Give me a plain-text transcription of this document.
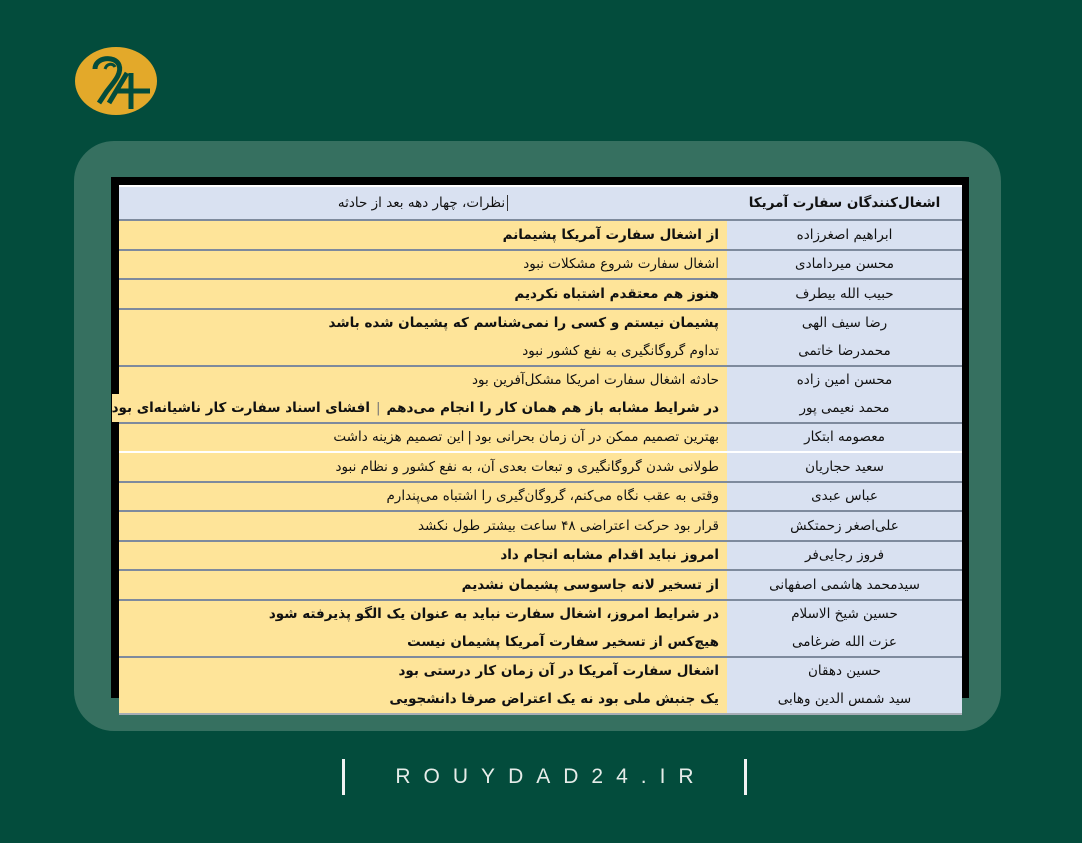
اشغال‌کنندگان سفارت آمریکا
نظرات، چهار دهه بعد از حادثه
ابراهیم اصغرزاده
از اشغال سفارت آمریکا پشیمانم
محسن میردامادی
اشغال سفارت شروع مشکلات نبود
حبیب الله بیطرف
هنوز هم معتقدم اشتباه نکردیم
رضا سیف الهی
پشیمان نیستم و کسی را نمی‌شناسم که پشیمان شده باشد
محمدرضا خاتمی
تداوم گروگانگیری به نفع کشور نبود
محسن امین زاده
حادثه اشغال سفارت امریکا مشکل‌آفرین بود
محمد نعیمی پور
در شرایط مشابه باز هم همان کار را انجام می‌دهم
|
افشای اسناد سفارت کار ناشیانه‌ای بود
معصومه ابتکار
بهترین تصمیم ممکن در آن زمان بحرانی بود
|
این تصمیم هزینه داشت
سعید حجاریان
طولانی شدن گروگانگیری و تبعات بعدی آن، به نفع کشور و نظام نبود
عباس عبدی
وقتی به عقب نگاه می‌کنم، گروگان‌گیری را اشتباه می‌پندارم
علی‌اصغر زحمتکش
قرار بود حرکت اعتراضی ۴۸ ساعت بیشتر طول نکشد
فروز رجایی‌فر
امروز نباید اقدام مشابه انجام داد
سیدمحمد هاشمی اصفهانی
از تسخیر لانه جاسوسی پشیمان نشدیم
حسین شیخ الاسلام
در شرایط امروز، اشغال سفارت نباید به عنوان یک الگو پذیرفته شود
عزت الله ضرغامی
هیچ‌کس از تسخیر سفارت آمریکا پشیمان نیست
حسین دهقان
اشغال سفارت آمریکا در آن زمان کار درستی بود
سید شمس الدین وهابی
یک جنبش ملی بود نه یک اعتراض صرفا دانشجویی
ROUYDAD24.IR
